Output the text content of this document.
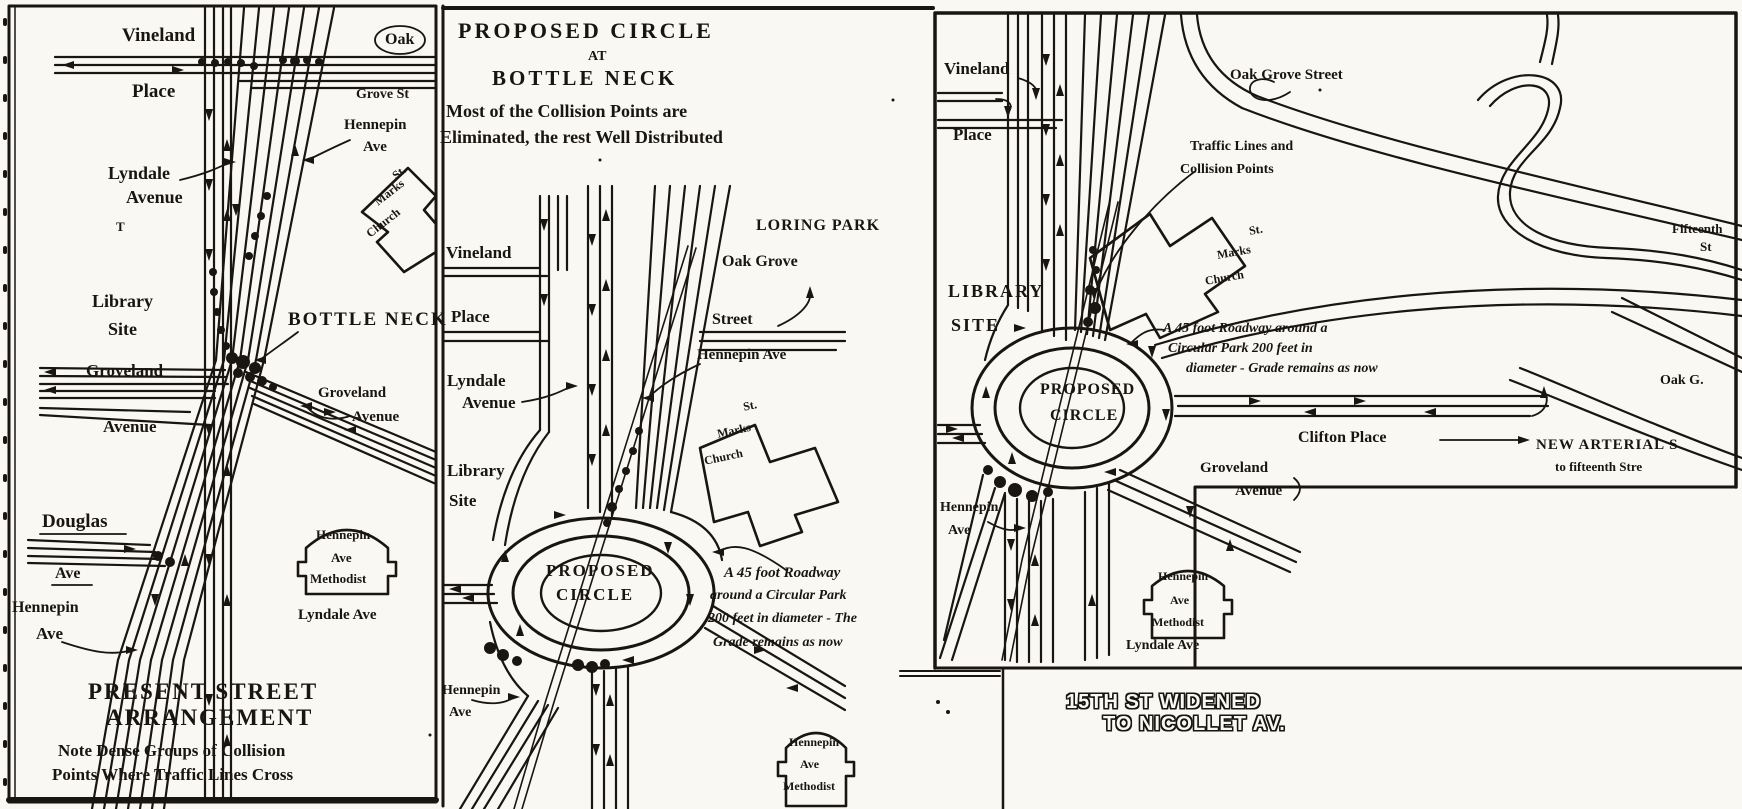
Vineland
Place
Oak
Grove St
Hennepin
Ave
Lyndale
Avenue
T
Library
Site	BOTTLE NECK
Groveland
Avenue
Groveland
Avenue
Douglas
Ave
Hennepin
Ave
Lyndale Ave
St.
Marks
Church
Hennepin
Ave
Methodist
PRESENT STREET
ARRANGEMENT
Note Dense Groups of Collision
Points Where Traffic Lines Cross
PROPOSED CIRCLE
AT
BOTTLE NECK
Most of the Collision Points are
Eliminated, the rest Well Distributed
Vineland
Place
LORING PARK
Oak Grove
Street
Hennepin Ave
Lyndale
Avenue
Library
Site
St.
Marks
Church
PROPOSED
CIRCLE
A 45 foot Roadway
around a Circular Park
200 feet in diameter - The
Grade remains as now
Hennepin
Ave
Hennepin
Ave
Methodist
Vineland
Place
Oak Grove Street
Traffic Lines and
Collision Points
LIBRARY
SITE
St.
Marks
Church
PROPOSED
CIRCLE
A 45 foot Roadway around a
Circular Park 200 feet in
diameter - Grade remains as now
Clifton Place
Oak G.
NEW ARTERIAL S
to fifteenth Stre
Fifteenth
St
Groveland
Avenue
Hennepin
Ave
Hennepin
Ave
Methodist
Lyndale Ave
15TH ST WIDENED
TO NICOLLET AV.
